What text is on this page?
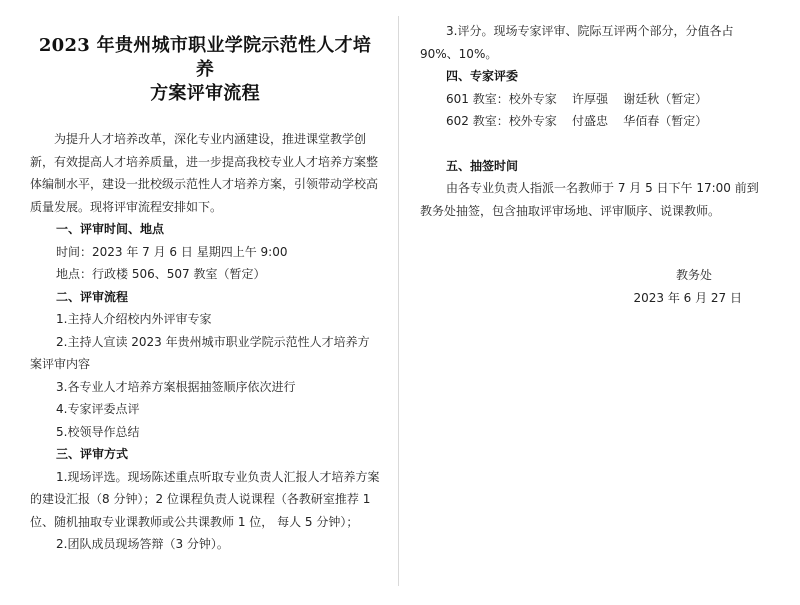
2023 年贵州城市职业学院示范性人才培养
方案评审流程

为提升人才培养改革，深化专业内涵建设，推进课堂教学创新，有效提高人才培养质量，进一步提高我校专业人才培养方案整体编制水平，建设一批校级示范性人才培养方案，引领带动学校高质量发展。现将评审流程安排如下。

一、评审时间、地点
时间：2023 年 7 月 6 日 星期四上午 9:00
地点：行政楼 506、507 教室（暂定）
二、评审流程
1.主持人介绍校内外评审专家
2.主持人宣读 2023 年贵州城市职业学院示范性人才培养方案评审内容
3.各专业人才培养方案根据抽签顺序依次进行
4.专家评委点评
5.校领导作总结
三、评审方式
1.现场评选。现场陈述重点听取专业负责人汇报人才培养方案的建设汇报（8 分钟）；2 位课程负责人说课程（各教研室推荐 1 位、随机抽取专业课教师或公共课教师 1 位， 每人 5 分钟）；
2.团队成员现场答辩（3 分钟）。
3.评分。现场专家评审、院际互评两个部分，分值各占 90%、10%。
四、专家评委
601 教室：校外专家    许厚强    谢廷秋（暂定）
602 教室：校外专家    付盛忠    华佰春（暂定）
五、抽签时间
由各专业负责人指派一名教师于 7 月 5 日下午 17:00 前到教务处抽签，包含抽取评审场地、评审顺序、说课教师。
教务处
2023 年 6 月 27 日
